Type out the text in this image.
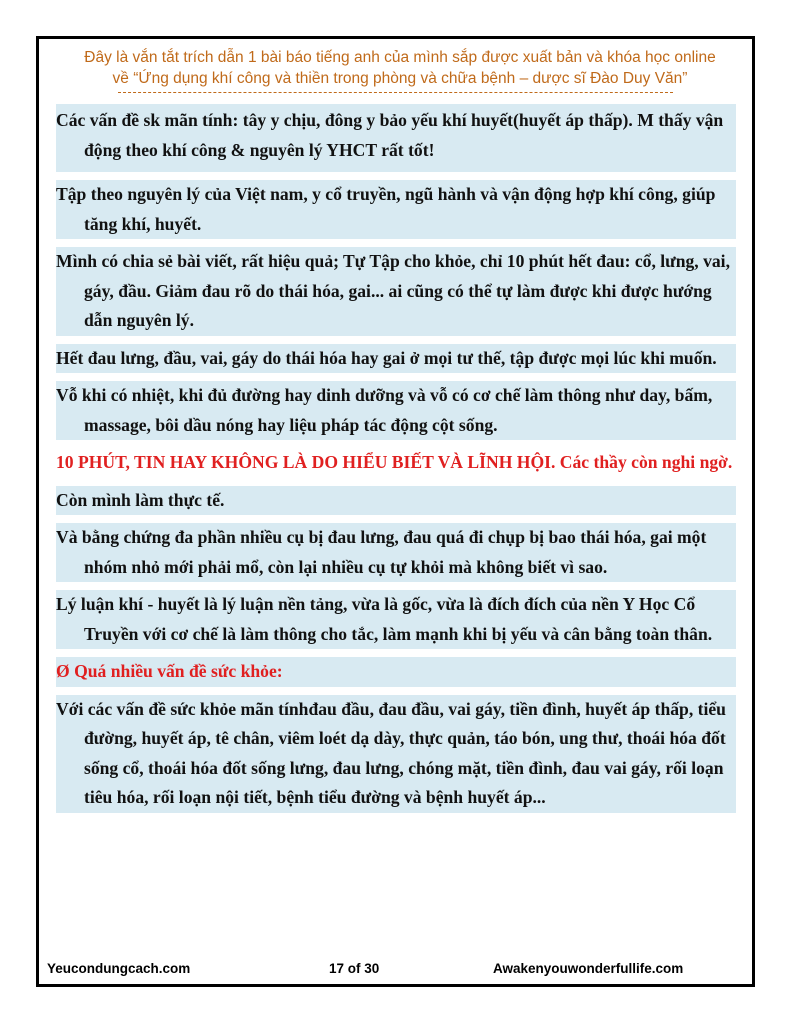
Đây là vắn tắt trích dẫn 1 bài báo tiếng anh của mình sắp được xuất bản và khóa học online
về “Ứng dụng khí công và thiền trong phòng và chữa bệnh – dược sĩ Đào Duy Văn”

Các vấn đề sk mãn tính: tây y chịu, đông y bảo yếu khí huyết(huyết áp thấp). M thấy vận động theo khí công & nguyên lý YHCT rất tốt!

Tập theo nguyên lý của Việt nam, y cổ truyền, ngũ hành và vận động hợp khí công, giúp tăng khí, huyết.

Mình có chia sẻ bài viết, rất hiệu quả; Tự Tập cho khỏe, chỉ 10 phút hết đau: cổ, lưng, vai, gáy, đầu. Giảm đau rõ do thái hóa, gai... ai cũng có thể tự làm được khi được hướng dẫn nguyên lý.

Hết đau lưng, đầu, vai, gáy do thái hóa hay gai ở mọi tư thế, tập được mọi lúc khi muốn.

Vỗ khi có nhiệt, khi đủ đường hay dinh dưỡng và vỗ có cơ chế làm thông như day, bấm, massage, bôi dầu nóng hay liệu pháp tác động cột sống.

10 PHÚT, TIN HAY KHÔNG LÀ DO HIỂU BIẾT VÀ LĨNH HỘI. Các thầy còn nghi ngờ.

Còn mình làm thực tế.

Và bằng chứng đa phần nhiều cụ bị đau lưng, đau quá đi chụp bị bao thái hóa, gai một nhóm nhỏ mới phải mổ, còn lại nhiều cụ tự khỏi mà không biết vì sao.

Lý luận khí - huyết là lý luận nền tảng, vừa là gốc, vừa là đích đích của nền Y Học Cổ Truyền với cơ chế là làm thông cho tắc, làm mạnh khi bị yếu và cân bằng toàn thân.

Ø Quá nhiều vấn đề sức khỏe:

Với các vấn đề sức khỏe mãn tínhđau đầu, đau đầu, vai gáy, tiền đình, huyết áp thấp, tiểu đường, huyết áp, tê chân, viêm loét dạ dày, thực quản, táo bón, ung thư, thoái hóa đốt sống cổ, thoái hóa đốt sống lưng, đau lưng, chóng mặt, tiền đình, đau vai gáy, rối loạn tiêu hóa, rối loạn nội tiết, bệnh tiểu đường và bệnh huyết áp...

Yeucondungcach.com	17 of 30	Awakenyouwonderfullife.com
